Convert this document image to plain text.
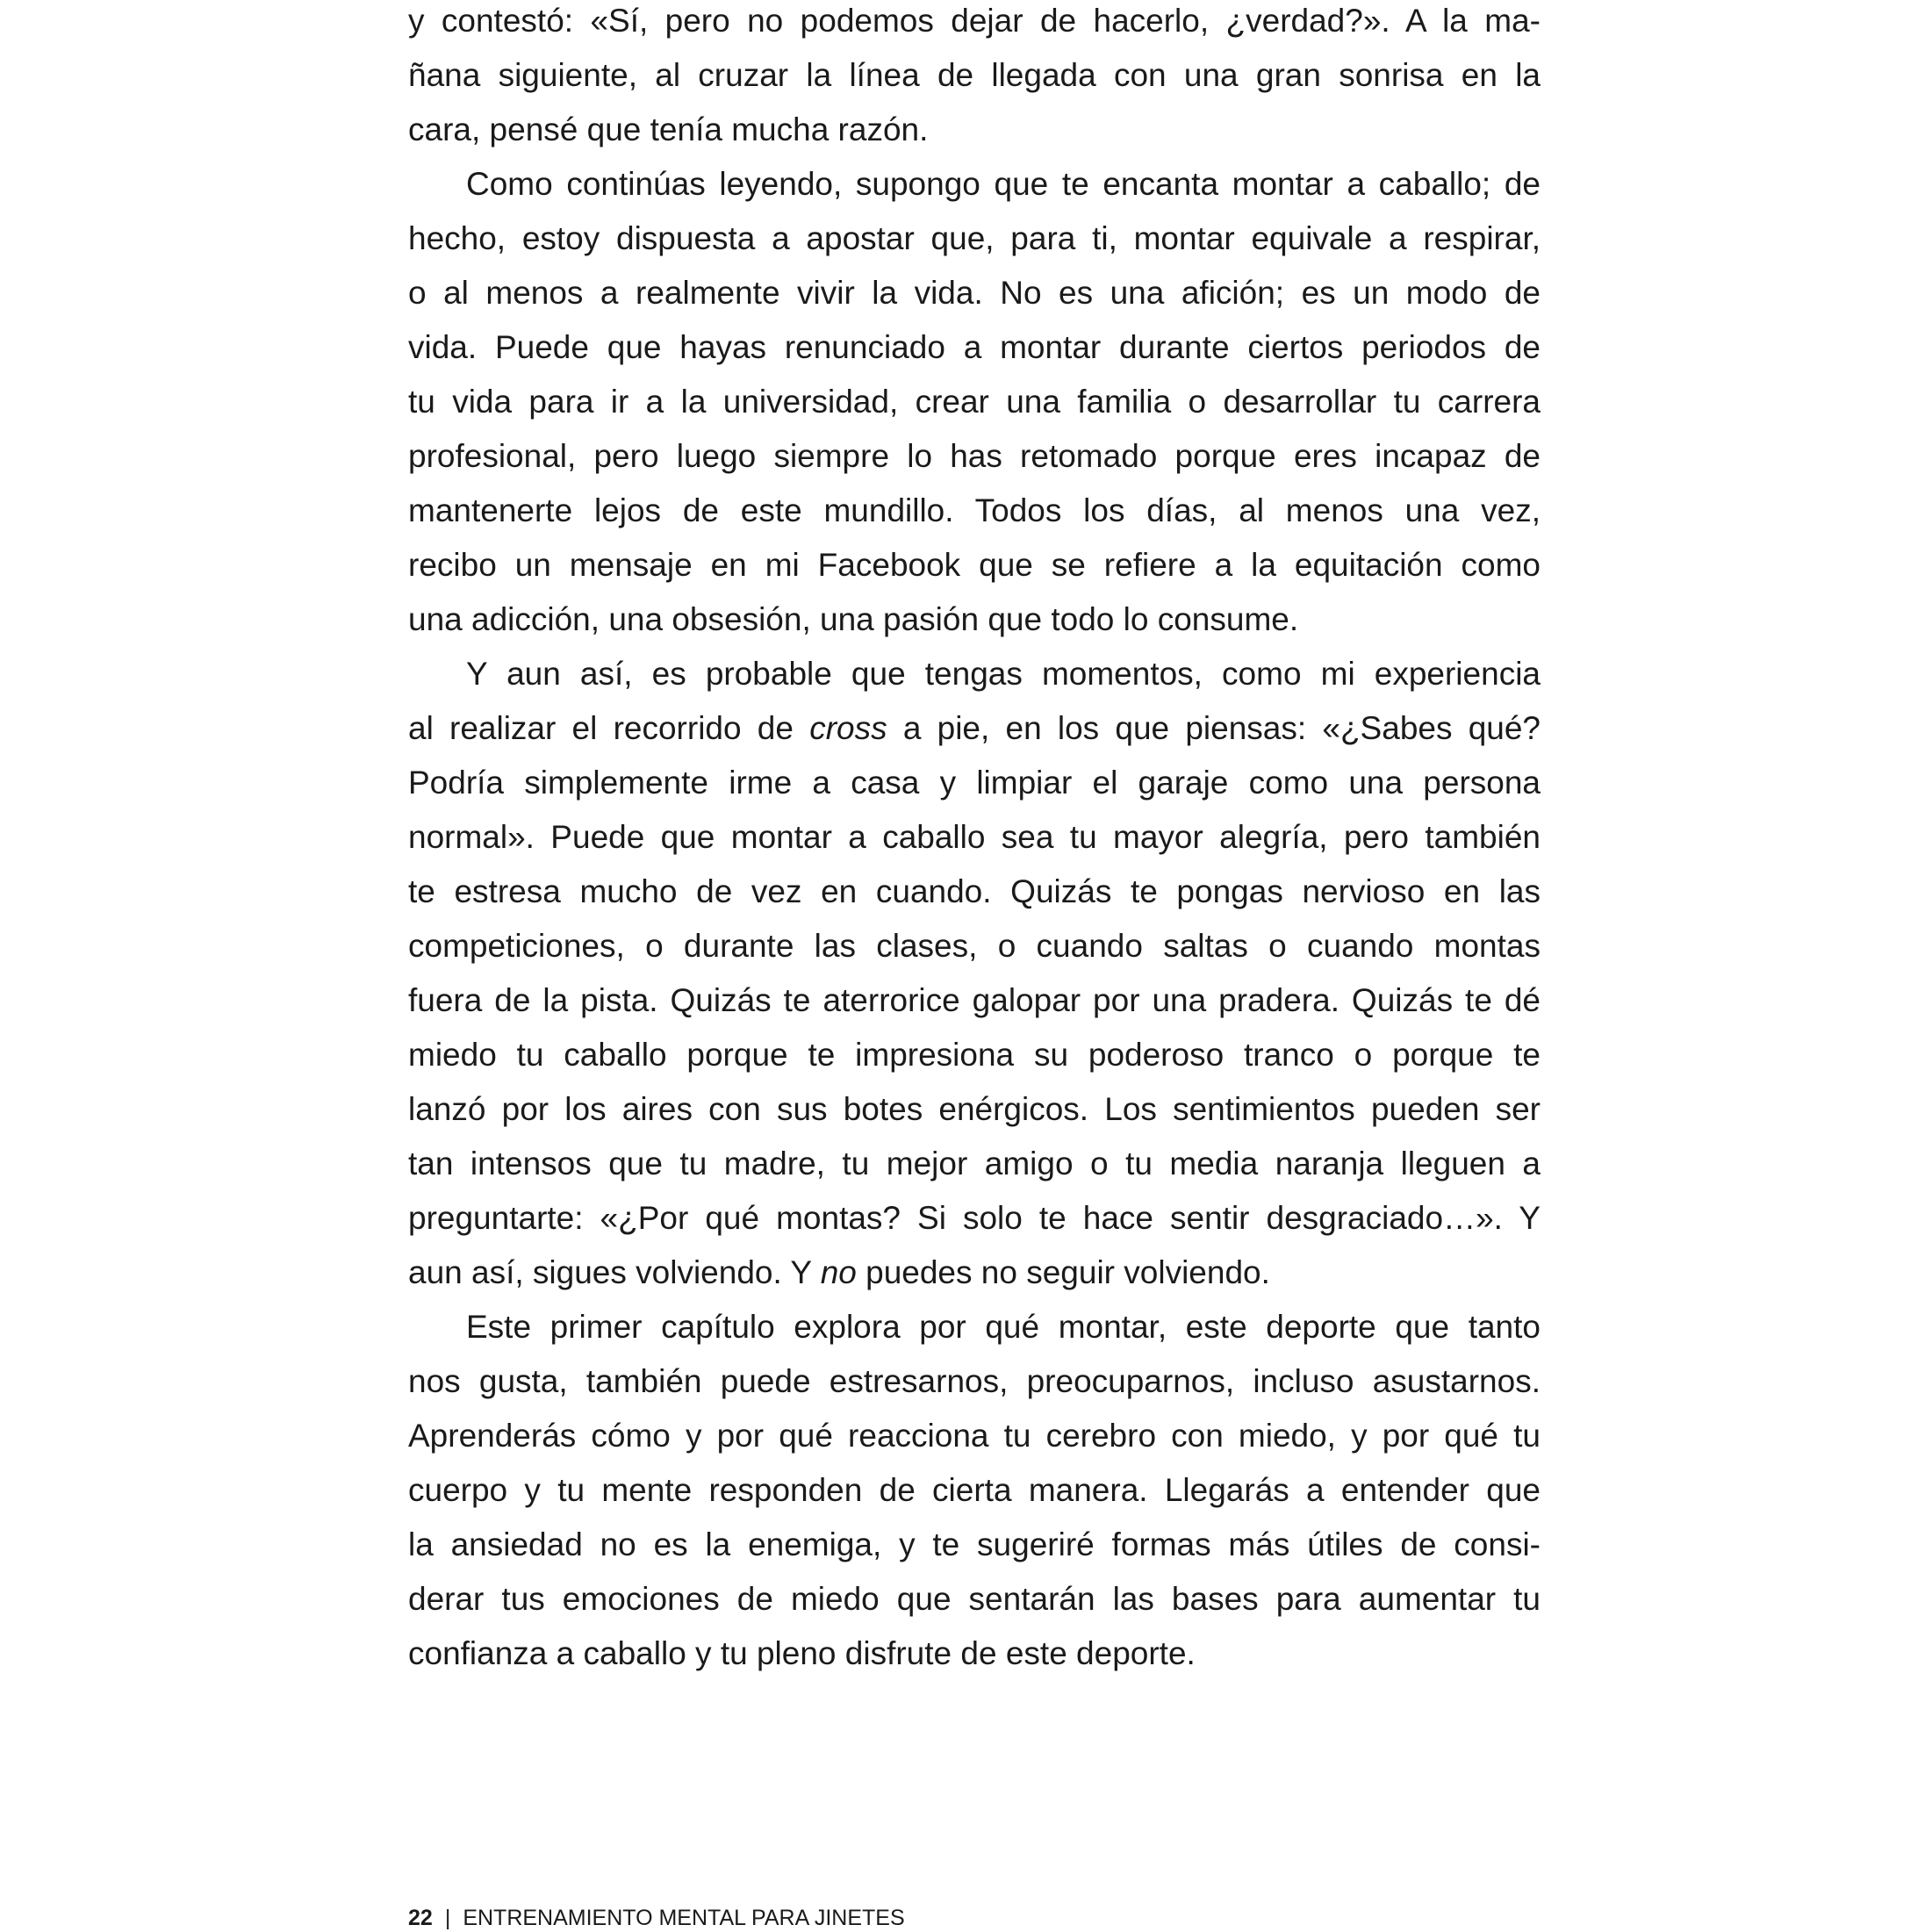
y contestó: «Sí, pero no podemos dejar de hacerlo, ¿verdad?». A la ma-
ñana siguiente, al cruzar la línea de llegada con una gran sonrisa en la
cara, pensé que tenía mucha razón.
Como continúas leyendo, supongo que te encanta montar a caballo; de
hecho, estoy dispuesta a apostar que, para ti, montar equivale a respirar,
o al menos a realmente vivir la vida. No es una afición; es un modo de
vida. Puede que hayas renunciado a montar durante ciertos periodos de
tu vida para ir a la universidad, crear una familia o desarrollar tu carrera
profesional, pero luego siempre lo has retomado porque eres incapaz de
mantenerte lejos de este mundillo. Todos los días, al menos una vez,
recibo un mensaje en mi Facebook que se refiere a la equitación como
una adicción, una obsesión, una pasión que todo lo consume.
Y aun así, es probable que tengas momentos, como mi experiencia
al realizar el recorrido de cross a pie, en los que piensas: «¿Sabes qué?
Podría simplemente irme a casa y limpiar el garaje como una persona
normal». Puede que montar a caballo sea tu mayor alegría, pero también
te estresa mucho de vez en cuando. Quizás te pongas nervioso en las
competiciones, o durante las clases, o cuando saltas o cuando montas
fuera de la pista. Quizás te aterrorice galopar por una pradera. Quizás te dé
miedo tu caballo porque te impresiona su poderoso tranco o porque te
lanzó por los aires con sus botes enérgicos. Los sentimientos pueden ser
tan intensos que tu madre, tu mejor amigo o tu media naranja lleguen a
preguntarte: «¿Por qué montas? Si solo te hace sentir desgraciado…». Y
aun así, sigues volviendo. Y no puedes no seguir volviendo.
Este primer capítulo explora por qué montar, este deporte que tanto
nos gusta, también puede estresarnos, preocuparnos, incluso asustarnos.
Aprenderás cómo y por qué reacciona tu cerebro con miedo, y por qué tu
cuerpo y tu mente responden de cierta manera. Llegarás a entender que
la ansiedad no es la enemiga, y te sugeriré formas más útiles de consi-
derar tus emociones de miedo que sentarán las bases para aumentar tu
confianza a caballo y tu pleno disfrute de este deporte.
22 | ENTRENAMIENTO MENTAL PARA JINETES
